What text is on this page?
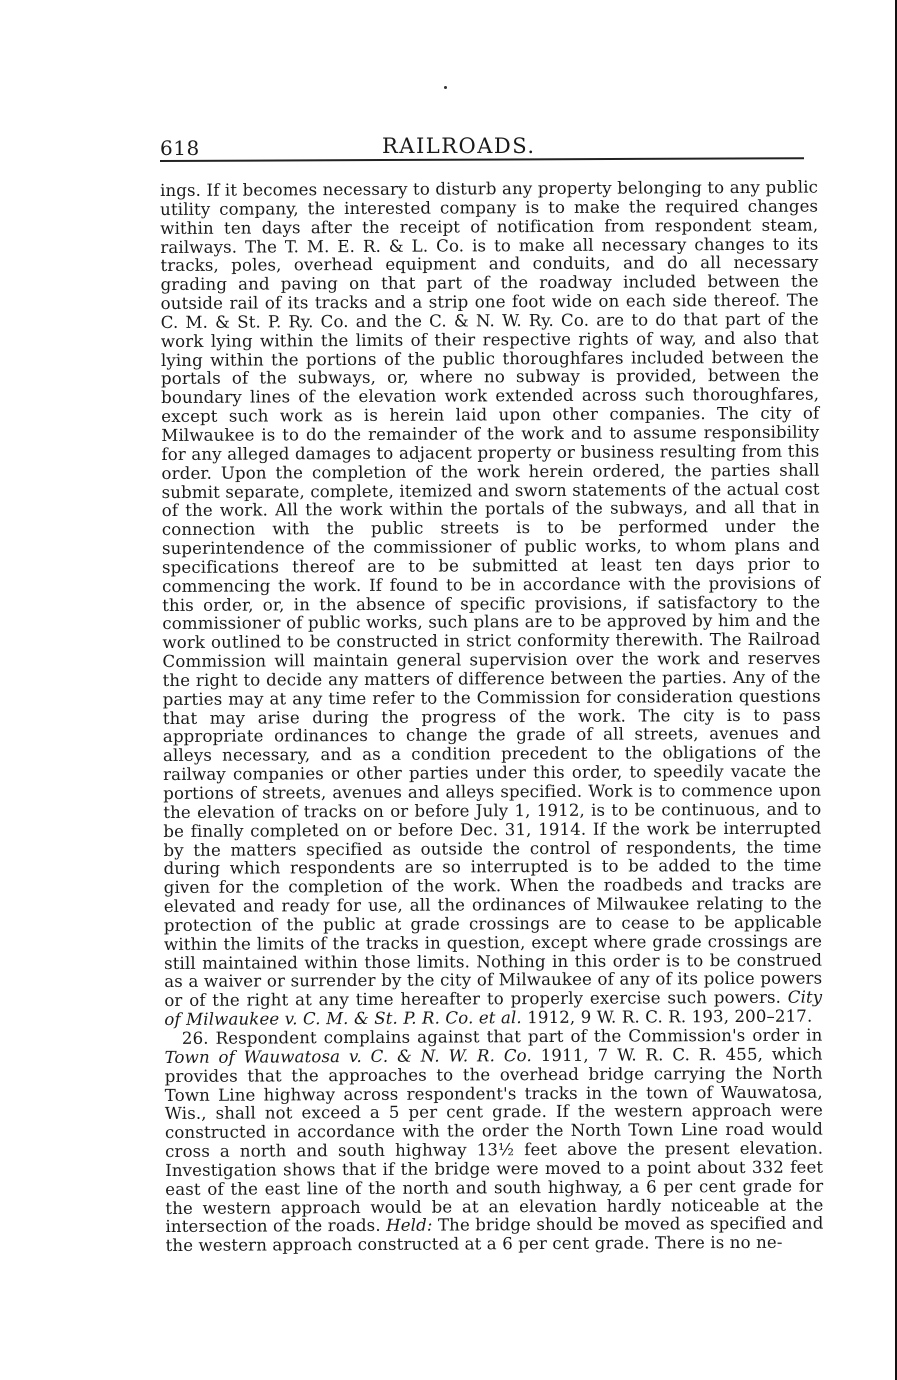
618	RAILROADS.

ings. If it becomes necessary to disturb any property belonging to any public utility company, the interested company is to make the required changes within ten days after the receipt of notification from respondent steam, railways. The T. M. E. R. & L. Co. is to make all necessary changes to its tracks, poles, overhead equipment and conduits, and do all necessary grading and paving on that part of the roadway included between the outside rail of its tracks and a strip one foot wide on each side thereof. The C. M. & St. P. Ry. Co. and the C. & N. W. Ry. Co. are to do that part of the work lying within the limits of their respective rights of way, and also that lying within the portions of the public thoroughfares included between the portals of the subways, or, where no subway is provided, between the boundary lines of the elevation work extended across such thoroughfares, except such work as is herein laid upon other companies. The city of Milwaukee is to do the remainder of the work and to assume responsibility for any alleged damages to adjacent property or business resulting from this order. Upon the completion of the work herein ordered, the parties shall submit separate, complete, itemized and sworn statements of the actual cost of the work. All the work within the portals of the subways, and all that in connection with the public streets is to be performed under the superintendence of the commissioner of public works, to whom plans and specifications thereof are to be submitted at least ten days prior to commencing the work. If found to be in accordance with the provisions of this order, or, in the absence of specific provisions, if satisfactory to the commissioner of public works, such plans are to be approved by him and the work outlined to be constructed in strict conformity therewith. The Railroad Commission will maintain general supervision over the work and reserves the right to decide any matters of difference between the parties. Any of the parties may at any time refer to the Commission for consideration questions that may arise during the progress of the work. The city is to pass appropriate ordinances to change the grade of all streets, avenues and alleys necessary, and as a condition precedent to the obligations of the railway companies or other parties under this order, to speedily vacate the portions of streets, avenues and alleys specified. Work is to commence upon the elevation of tracks on or before July 1, 1912, is to be continuous, and to be finally completed on or before Dec. 31, 1914. If the work be interrupted by the matters specified as outside the control of respondents, the time during which respondents are so interrupted is to be added to the time given for the completion of the work. When the roadbeds and tracks are elevated and ready for use, all the ordinances of Milwaukee relating to the protection of the public at grade crossings are to cease to be applicable within the limits of the tracks in question, except where grade crossings are still maintained within those limits. Nothing in this order is to be construed as a waiver or surrender by the city of Milwaukee of any of its police powers or of the right at any time hereafter to properly exercise such powers. City of Milwaukee v. C. M. & St. P. R. Co. et al. 1912, 9 W. R. C. R. 193, 200–217.

26. Respondent complains against that part of the Commission's order in Town of Wauwatosa v. C. & N. W. R. Co. 1911, 7 W. R. C. R. 455, which provides that the approaches to the overhead bridge carrying the North Town Line highway across respondent's tracks in the town of Wauwatosa, Wis., shall not exceed a 5 per cent grade. If the western approach were constructed in accordance with the order the North Town Line road would cross a north and south highway 13½ feet above the present elevation. Investigation shows that if the bridge were moved to a point about 332 feet east of the east line of the north and south highway, a 6 per cent grade for the western approach would be at an elevation hardly noticeable at the intersection of the roads. Held: The bridge should be moved as specified and the western approach constructed at a 6 per cent grade. There is no ne-
